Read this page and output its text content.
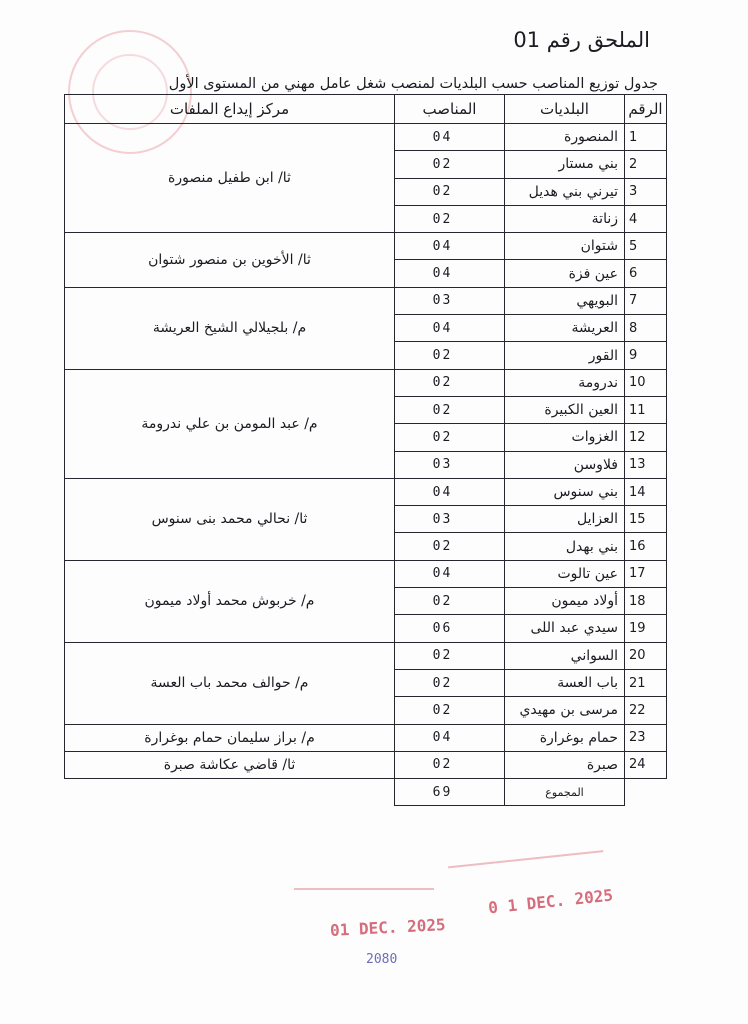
الملحق رقم 01
جدول توزيع المناصب حسب البلديات لمنصب شغل عامل مهني من المستوى الأول
الرقم	البلديات	المناصب	مركز إيداع الملفات
1	المنصورة	04	ثا/ ابن طفيل منصورة
2	بني مستار	02	
3	تيرني بني هديل	02	
4	زناتة	02	
5	شتوان	04	ثا/ الأخوين بن منصور شتوان
6	عين فزة	04	
7	البويهي	03	م/ بلجيلالي الشيخ العريشة
8	العريشة	04	
9	القور	02	
10	ندرومة	02	م/ عبد المومن بن علي ندرومة
11	العين الكبيرة	02	
12	الغزوات	02	
13	فلاوسن	03	
14	بني سنوس	04	ثا/ نحالي محمد بنى سنوس
15	العزايل	03	
16	بني بهدل	02	
17	عين تالوت	04	م/ خربوش محمد أولاد ميمون
18	أولاد ميمون	02	
19	سيدي عبد اللى	06	
20	السواني	02	م/ حوالف محمد باب العسة
21	باب العسة	02	
22	مرسى بن مهيدي	02	
23	حمام بوغرارة	04	م/ براز سليمان حمام بوغرارة
24	صبرة	02	ثا/ قاضي عكاشة صبرة
	المجموع	69	
01 DEC. 2025
2080
0 1 DEC. 2025
